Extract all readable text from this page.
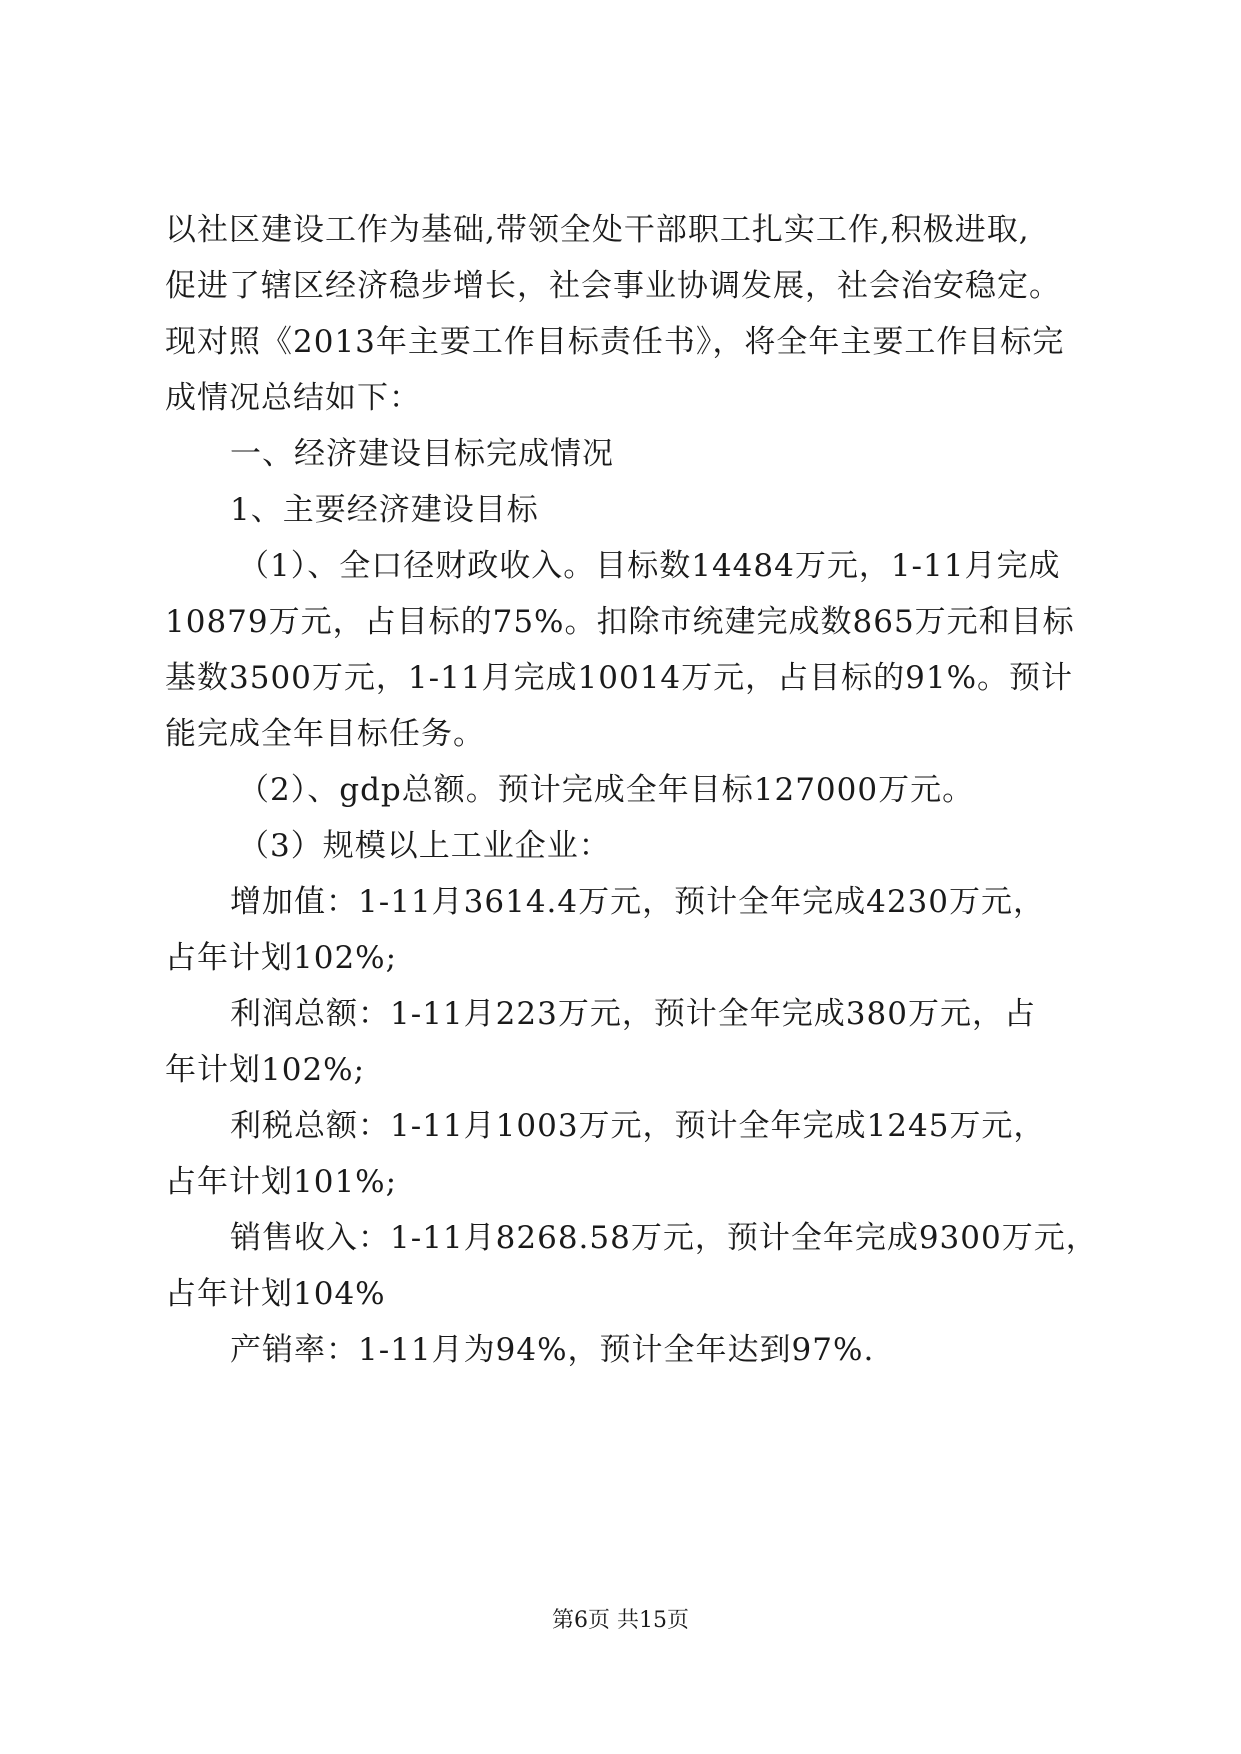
以社区建设工作为基础,带领全处干部职工扎实工作,积极进取,
促进了辖区经济稳步增长，社会事业协调发展，社会治安稳定。
现对照《2013年主要工作目标责任书》，将全年主要工作目标完
成情况总结如下：
一、经济建设目标完成情况
1、主要经济建设目标
（1）、全口径财政收入。目标数14484万元，1-11月完成
10879万元，占目标的75%。扣除市统建完成数865万元和目标
基数3500万元，1-11月完成10014万元，占目标的91%。预计
能完成全年目标任务。
（2）、gdp总额。预计完成全年目标127000万元。
（3）规模以上工业企业：
增加值：1-11月3614.4万元，预计全年完成4230万元，
占年计划102%;
利润总额：1-11月223万元，预计全年完成380万元，占
年计划102%;
利税总额：1-11月1003万元，预计全年完成1245万元，
占年计划101%;
销售收入：1-11月8268.58万元，预计全年完成9300万元，
占年计划104%
产销率：1-11月为94%，预计全年达到97%.
第6页 共15页
